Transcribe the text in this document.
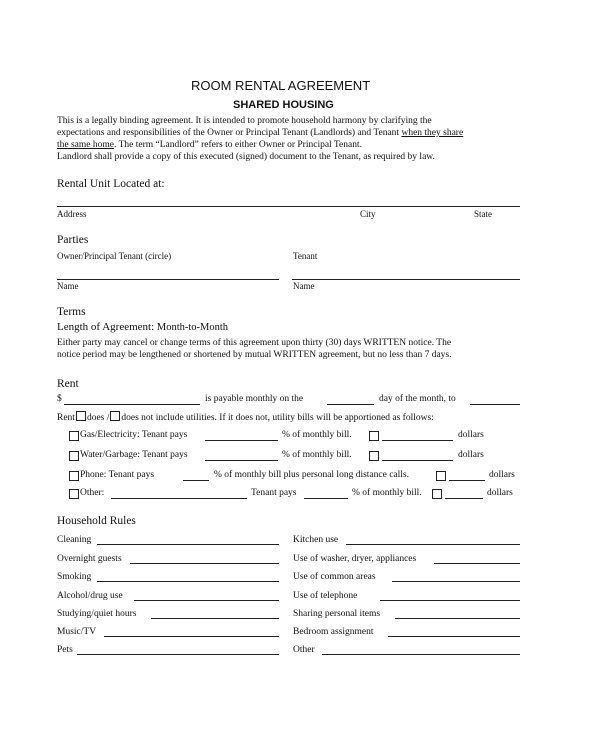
ROOM RENTAL AGREEMENT
SHARED HOUSING
This is a legally binding agreement. It is intended to promote household harmony by clarifying the
expectations and responsibilities of the Owner or Principal Tenant (Landlords) and Tenant when they share
the same home. The term “Landlord” refers to either Owner or Principal Tenant.
Landlord shall provide a copy of this executed (signed) document to the Tenant, as required by law.
Rental Unit Located at:
Address	City	State
Parties
Owner/Principal Tenant (circle)	Tenant
Name	Name
Terms
Length of Agreement: Month-to-Month
Either party may cancel or change terms of this agreement upon thirty (30) days WRITTEN notice. The
notice period may be lengthened or shortened by mutual WRITTEN agreement, but no less than 7 days.
Rent
$	is payable monthly on the	day of the month, to
Rent does / does not include utilities. If it does not, utility bills will be apportioned as follows:
Gas/Electricity: Tenant pays	% of monthly bill.	dollars
Water/Garbage: Tenant pays	% of monthly bill.	dollars
Phone: Tenant pays	% of monthly bill plus personal long distance calls.	dollars
Other:	Tenant pays	% of monthly bill.	dollars
Household Rules
Cleaning	Kitchen use
Overnight guests	Use of washer, dryer, appliances
Smoking	Use of common areas
Alcohol/drug use	Use of telephone
Studying/quiet hours	Sharing personal items
Music/TV	Bedroom assignment
Pets	Other
